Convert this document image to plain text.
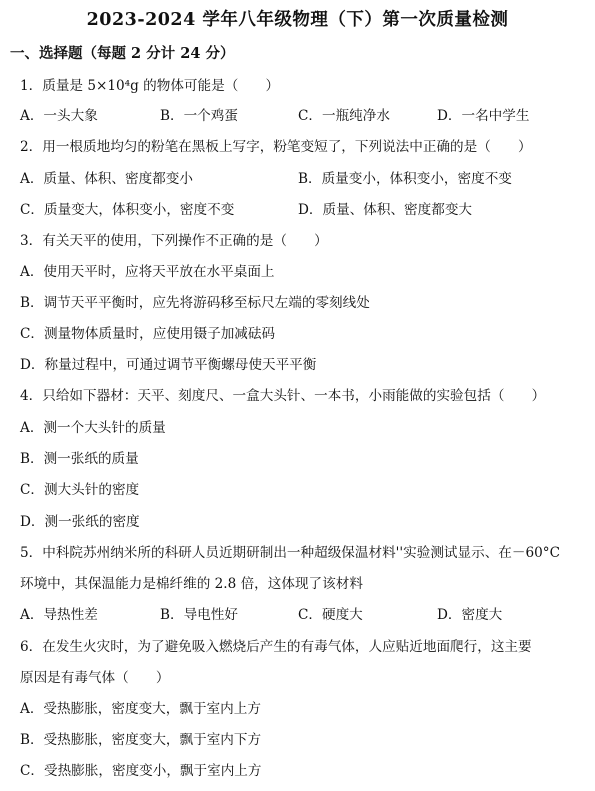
2023-2024 学年八年级物理（下）第一次质量检测
一、选择题（每题 2 分计 24 分）
1．质量是 5×10⁴g 的物体可能是（　　）
A．一头大象	B．一个鸡蛋	C．一瓶纯净水	D．一名中学生
2．用一根质地均匀的粉笔在黑板上写字，粉笔变短了，下列说法中正确的是（　　）
A．质量、体积、密度都变小	B．质量变小，体积变小，密度不变
C．质量变大，体积变小，密度不变	D．质量、体积、密度都变大
3．有关天平的使用，下列操作不正确的是（　　）
A．使用天平时，应将天平放在水平桌面上
B．调节天平平衡时，应先将游码移至标尺左端的零刻线处
C．测量物体质量时，应使用镊子加减砝码
D．称量过程中，可通过调节平衡螺母使天平平衡
4．只给如下器材：天平、刻度尺、一盒大头针、一本书，小雨能做的实验包括（　　）
A．测一个大头针的质量
B．测一张纸的质量
C．测大头针的密度
D．测一张纸的密度
5．中科院苏州纳米所的科研人员近期研制出一种超级保温材料''实验测试显示、在－60°C
环境中，其保温能力是棉纤维的 2.8 倍，这体现了该材料
A．导热性差	B．导电性好	C．硬度大	D．密度大
6．在发生火灾时，为了避免吸入燃烧后产生的有毒气体，人应贴近地面爬行，这主要
原因是有毒气体（　　）
A．受热膨胀，密度变大，飘于室内上方
B．受热膨胀，密度变大，飘于室内下方
C．受热膨胀，密度变小，飘于室内上方
